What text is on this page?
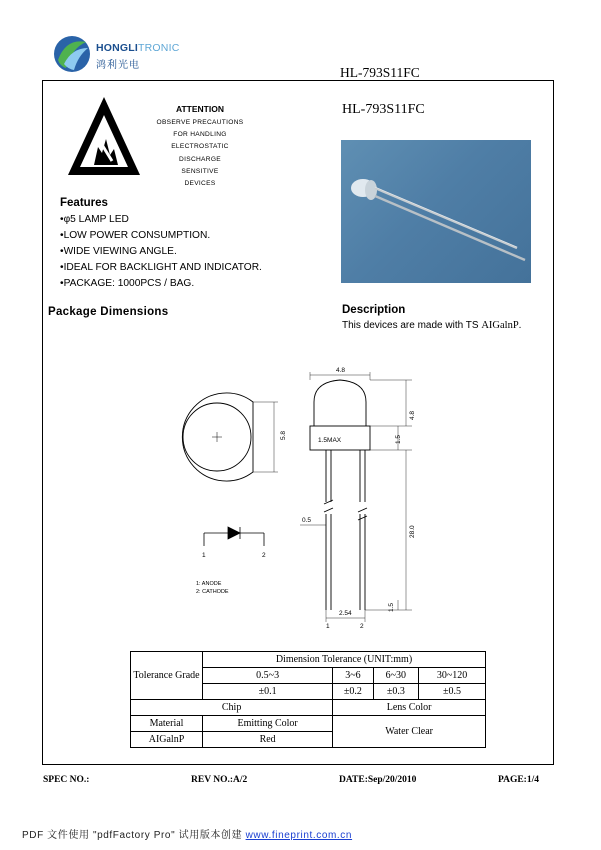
HONGLITRONIC
鸿利光电	HL-793S11FC
ATTENTION
OBSERVE PRECAUTIONS
FOR HANDLING
ELECTROSTATIC
DISCHARGE
SENSITIVE
DEVICES
Features
•φ5 LAMP LED
•LOW POWER CONSUMPTION.
•WIDE VIEWING ANGLE.
•IDEAL FOR BACKLIGHT AND INDICATOR.
•PACKAGE: 1000PCS / BAG.
Package Dimensions
HL-793S11FC
Description
This devices are made with TS AIGalnP.
5.8
4.8
4.8
1.5
1.5MAX
0.5
28.0
1.5
2.54
1	2
1	2
1: ANODE
2: CATHODE
Tolerance Grade	Dimension Tolerance (UNIT:mm)			
	0.5~3	3~6	6~30	30~120
	±0.1	±0.2	±0.3	±0.5
Chip		Lens Color		
Material	Emitting Color	Water Clear		
AIGalnP	Red			
SPEC NO.:	REV NO.:A/2	DATE:Sep/20/2010	PAGE:1/4
PDF 文件使用 "pdfFactory Pro" 试用版本创建 www.fineprint.com.cn
